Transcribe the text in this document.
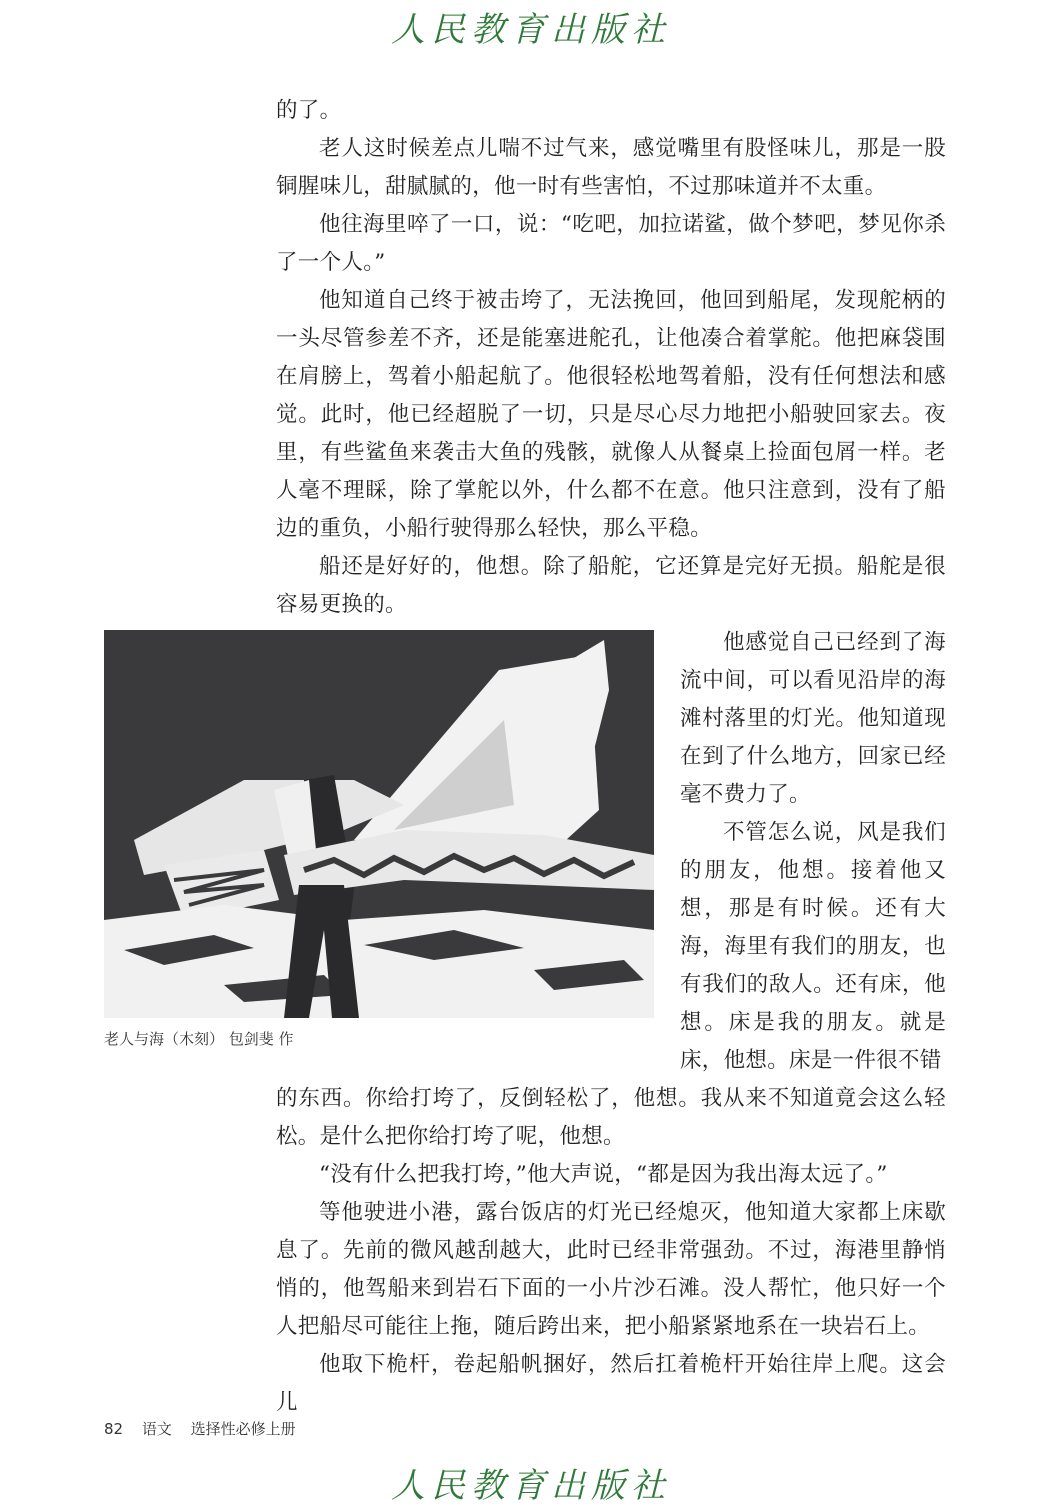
人民教育出版社

的了。

老人这时候差点儿喘不过气来，感觉嘴里有股怪味儿，那是一股铜腥味儿，甜腻腻的，他一时有些害怕，不过那味道并不太重。

他往海里啐了一口，说：“吃吧，加拉诺鲨，做个梦吧，梦见你杀了一个人。”

他知道自己终于被击垮了，无法挽回，他回到船尾，发现舵柄的一头尽管参差不齐，还是能塞进舵孔，让他凑合着掌舵。他把麻袋围在肩膀上，驾着小船起航了。他很轻松地驾着船，没有任何想法和感觉。此时，他已经超脱了一切，只是尽心尽力地把小船驶回家去。夜里，有些鲨鱼来袭击大鱼的残骸，就像人从餐桌上捡面包屑一样。老人毫不理睬，除了掌舵以外，什么都不在意。他只注意到，没有了船边的重负，小船行驶得那么轻快，那么平稳。

船还是好好的，他想。除了船舵，它还算是完好无损。船舵是很容易更换的。

老人与海（木刻） 包剑斐 作

他感觉自己已经到了海流中间，可以看见沿岸的海滩村落里的灯光。他知道现在到了什么地方，回家已经毫不费力了。

不管怎么说，风是我们的朋友，他想。接着他又想，那是有时候。还有大海，海里有我们的朋友，也有我们的敌人。还有床，他想。床是我的朋友。就是床，他想。床是一件很不错

的东西。你给打垮了，反倒轻松了，他想。我从来不知道竟会这么轻松。是什么把你给打垮了呢，他想。

“没有什么把我打垮，”他大声说，“都是因为我出海太远了。”

等他驶进小港，露台饭店的灯光已经熄灭，他知道大家都上床歇息了。先前的微风越刮越大，此时已经非常强劲。不过，海港里静悄悄的，他驾船来到岩石下面的一小片沙石滩。没人帮忙，他只好一个人把船尽可能往上拖，随后跨出来，把小船紧紧地系在一块岩石上。

他取下桅杆，卷起船帆捆好，然后扛着桅杆开始往岸上爬。这会儿

82 语文 选择性必修上册
人民教育出版社
